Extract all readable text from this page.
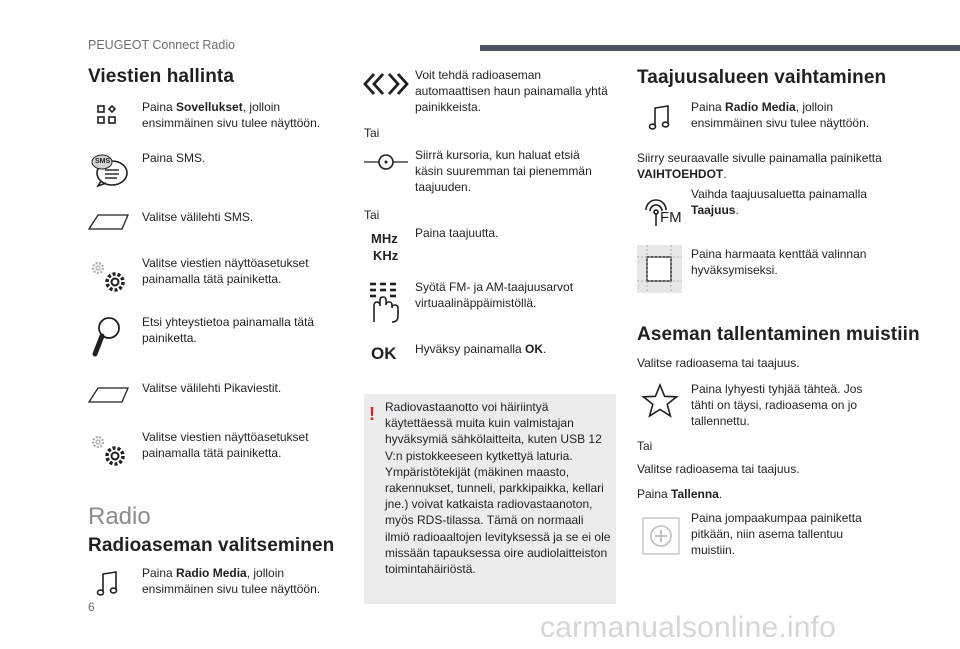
PEUGEOT Connect Radio
Viestien hallinta
Paina Sovellukset, jolloin ensimmäinen sivu tulee näyttöön.
SMS	Paina SMS.
Valitse välilehti SMS.
Valitse viestien näyttöasetukset painamalla tätä painiketta.
Etsi yhteystietoa painamalla tätä painiketta.
Valitse välilehti Pikaviestit.
Valitse viestien näyttöasetukset painamalla tätä painiketta.
Radio
Radioaseman valitseminen
Paina Radio Media, jolloin ensimmäinen sivu tulee näyttöön.
Voit tehdä radioaseman automaattisen haun painamalla yhtä painikkeista.
Tai
Siirrä kursoria, kun haluat etsiä käsin suuremman tai pienemmän taajuuden.
Tai
MHz
KHz
Paina taajuutta.
Syötä FM- ja AM-taajuusarvot virtuaalinäppäimistöllä.
OK Hyväksy painamalla OK.
! Radiovastaanotto voi häiriintyä käytettäessä muita kuin valmistajan hyväksymiä sähkölaitteita, kuten USB 12 V:n pistokkeeseen kytkettyä laturia. Ympäristötekijät (mäkinen maasto, rakennukset, tunneli, parkkipaikka, kellari jne.) voivat katkaista radiovastaanoton, myös RDS-tilassa. Tämä on normaali ilmiö radioaaltojen levityksessä ja se ei ole missään tapauksessa oire audiolaitteiston toimintahäiriöstä.
Taajuusalueen vaihtaminen
Paina Radio Media, jolloin ensimmäinen sivu tulee näyttöön.
Siirry seuraavalle sivulle painamalla painiketta VAIHTOEHDOT.
FM
Vaihda taajuusaluetta painamalla Taajuus.
Paina harmaata kenttää valinnan hyväksymiseksi.
Aseman tallentaminen muistiin
Valitse radioasema tai taajuus.
Paina lyhyesti tyhjää tähteä. Jos tähti on täysi, radioasema on jo tallennettu.
Tai
Valitse radioasema tai taajuus.
Paina Tallenna.
Paina jompaakumpaa painiketta pitkään, niin asema tallentuu muistiin.
6
carmanualsonline.info
